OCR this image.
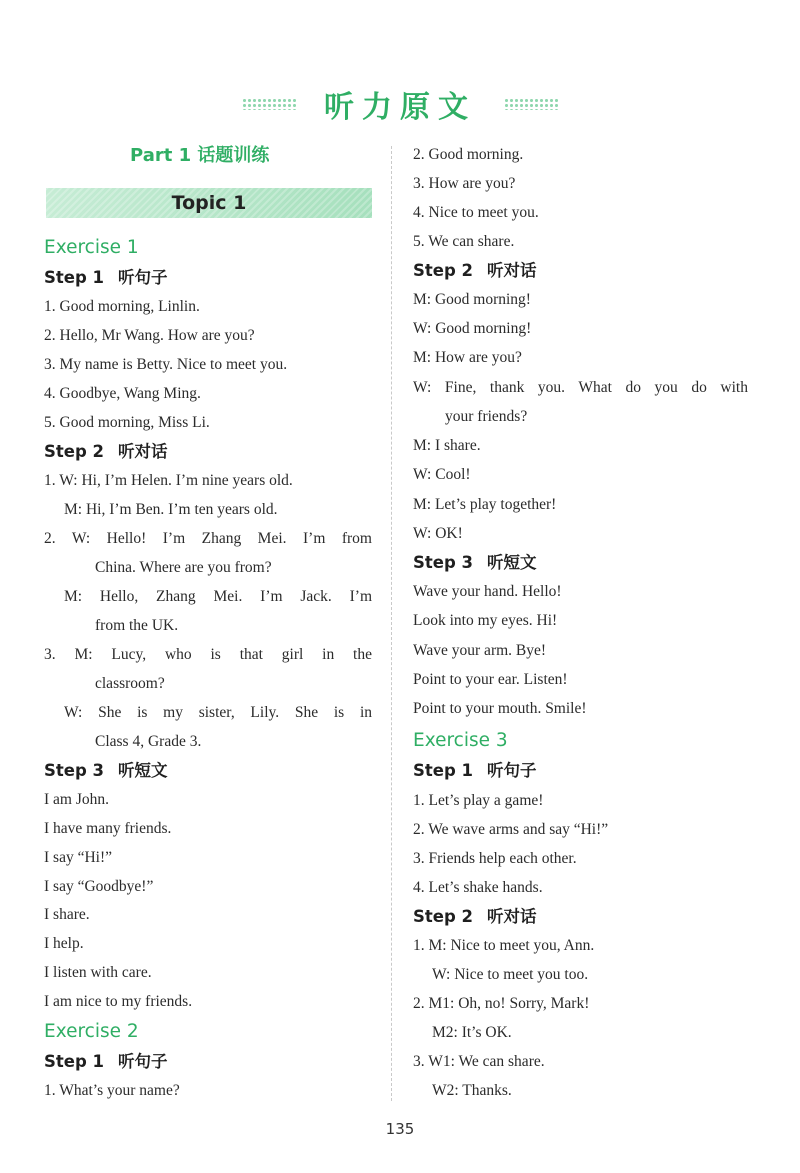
听力原文
Part 1 话题训练
Topic 1
Exercise 1
Step 1 听句子
1. Good morning, Linlin.
2. Hello, Mr Wang. How are you?
3. My name is Betty. Nice to meet you.
4. Goodbye, Wang Ming.
5. Good morning, Miss Li.
Step 2 听对话
1. W: Hi, I’m Helen. I’m nine years old.
M: Hi, I’m Ben. I’m ten years old.
2. W: Hello! I’m Zhang Mei. I’m from
China. Where are you from?
M: Hello, Zhang Mei. I’m Jack. I’m
from the UK.
3. M: Lucy, who is that girl in the
classroom?
W: She is my sister, Lily. She is in
Class 4, Grade 3.
Step 3 听短文
I am John.
I have many friends.
I say “Hi!”
I say “Goodbye!”
I share.
I help.
I listen with care.
I am nice to my friends.
Exercise 2
Step 1 听句子
1. What’s your name?
2. Good morning.
3. How are you?
4. Nice to meet you.
5. We can share.
Step 2 听对话
M: Good morning!
W: Good morning!
M: How are you?
W: Fine, thank you. What do you do with
your friends?
M: I share.
W: Cool!
M: Let’s play together!
W: OK!
Step 3 听短文
Wave your hand. Hello!
Look into my eyes. Hi!
Wave your arm. Bye!
Point to your ear. Listen!
Point to your mouth. Smile!
Exercise 3
Step 1 听句子
1. Let’s play a game!
2. We wave arms and say “Hi!”
3. Friends help each other.
4. Let’s shake hands.
Step 2 听对话
1. M: Nice to meet you, Ann.
W: Nice to meet you too.
2. M1: Oh, no! Sorry, Mark!
M2: It’s OK.
3. W1: We can share.
W2: Thanks.
135
